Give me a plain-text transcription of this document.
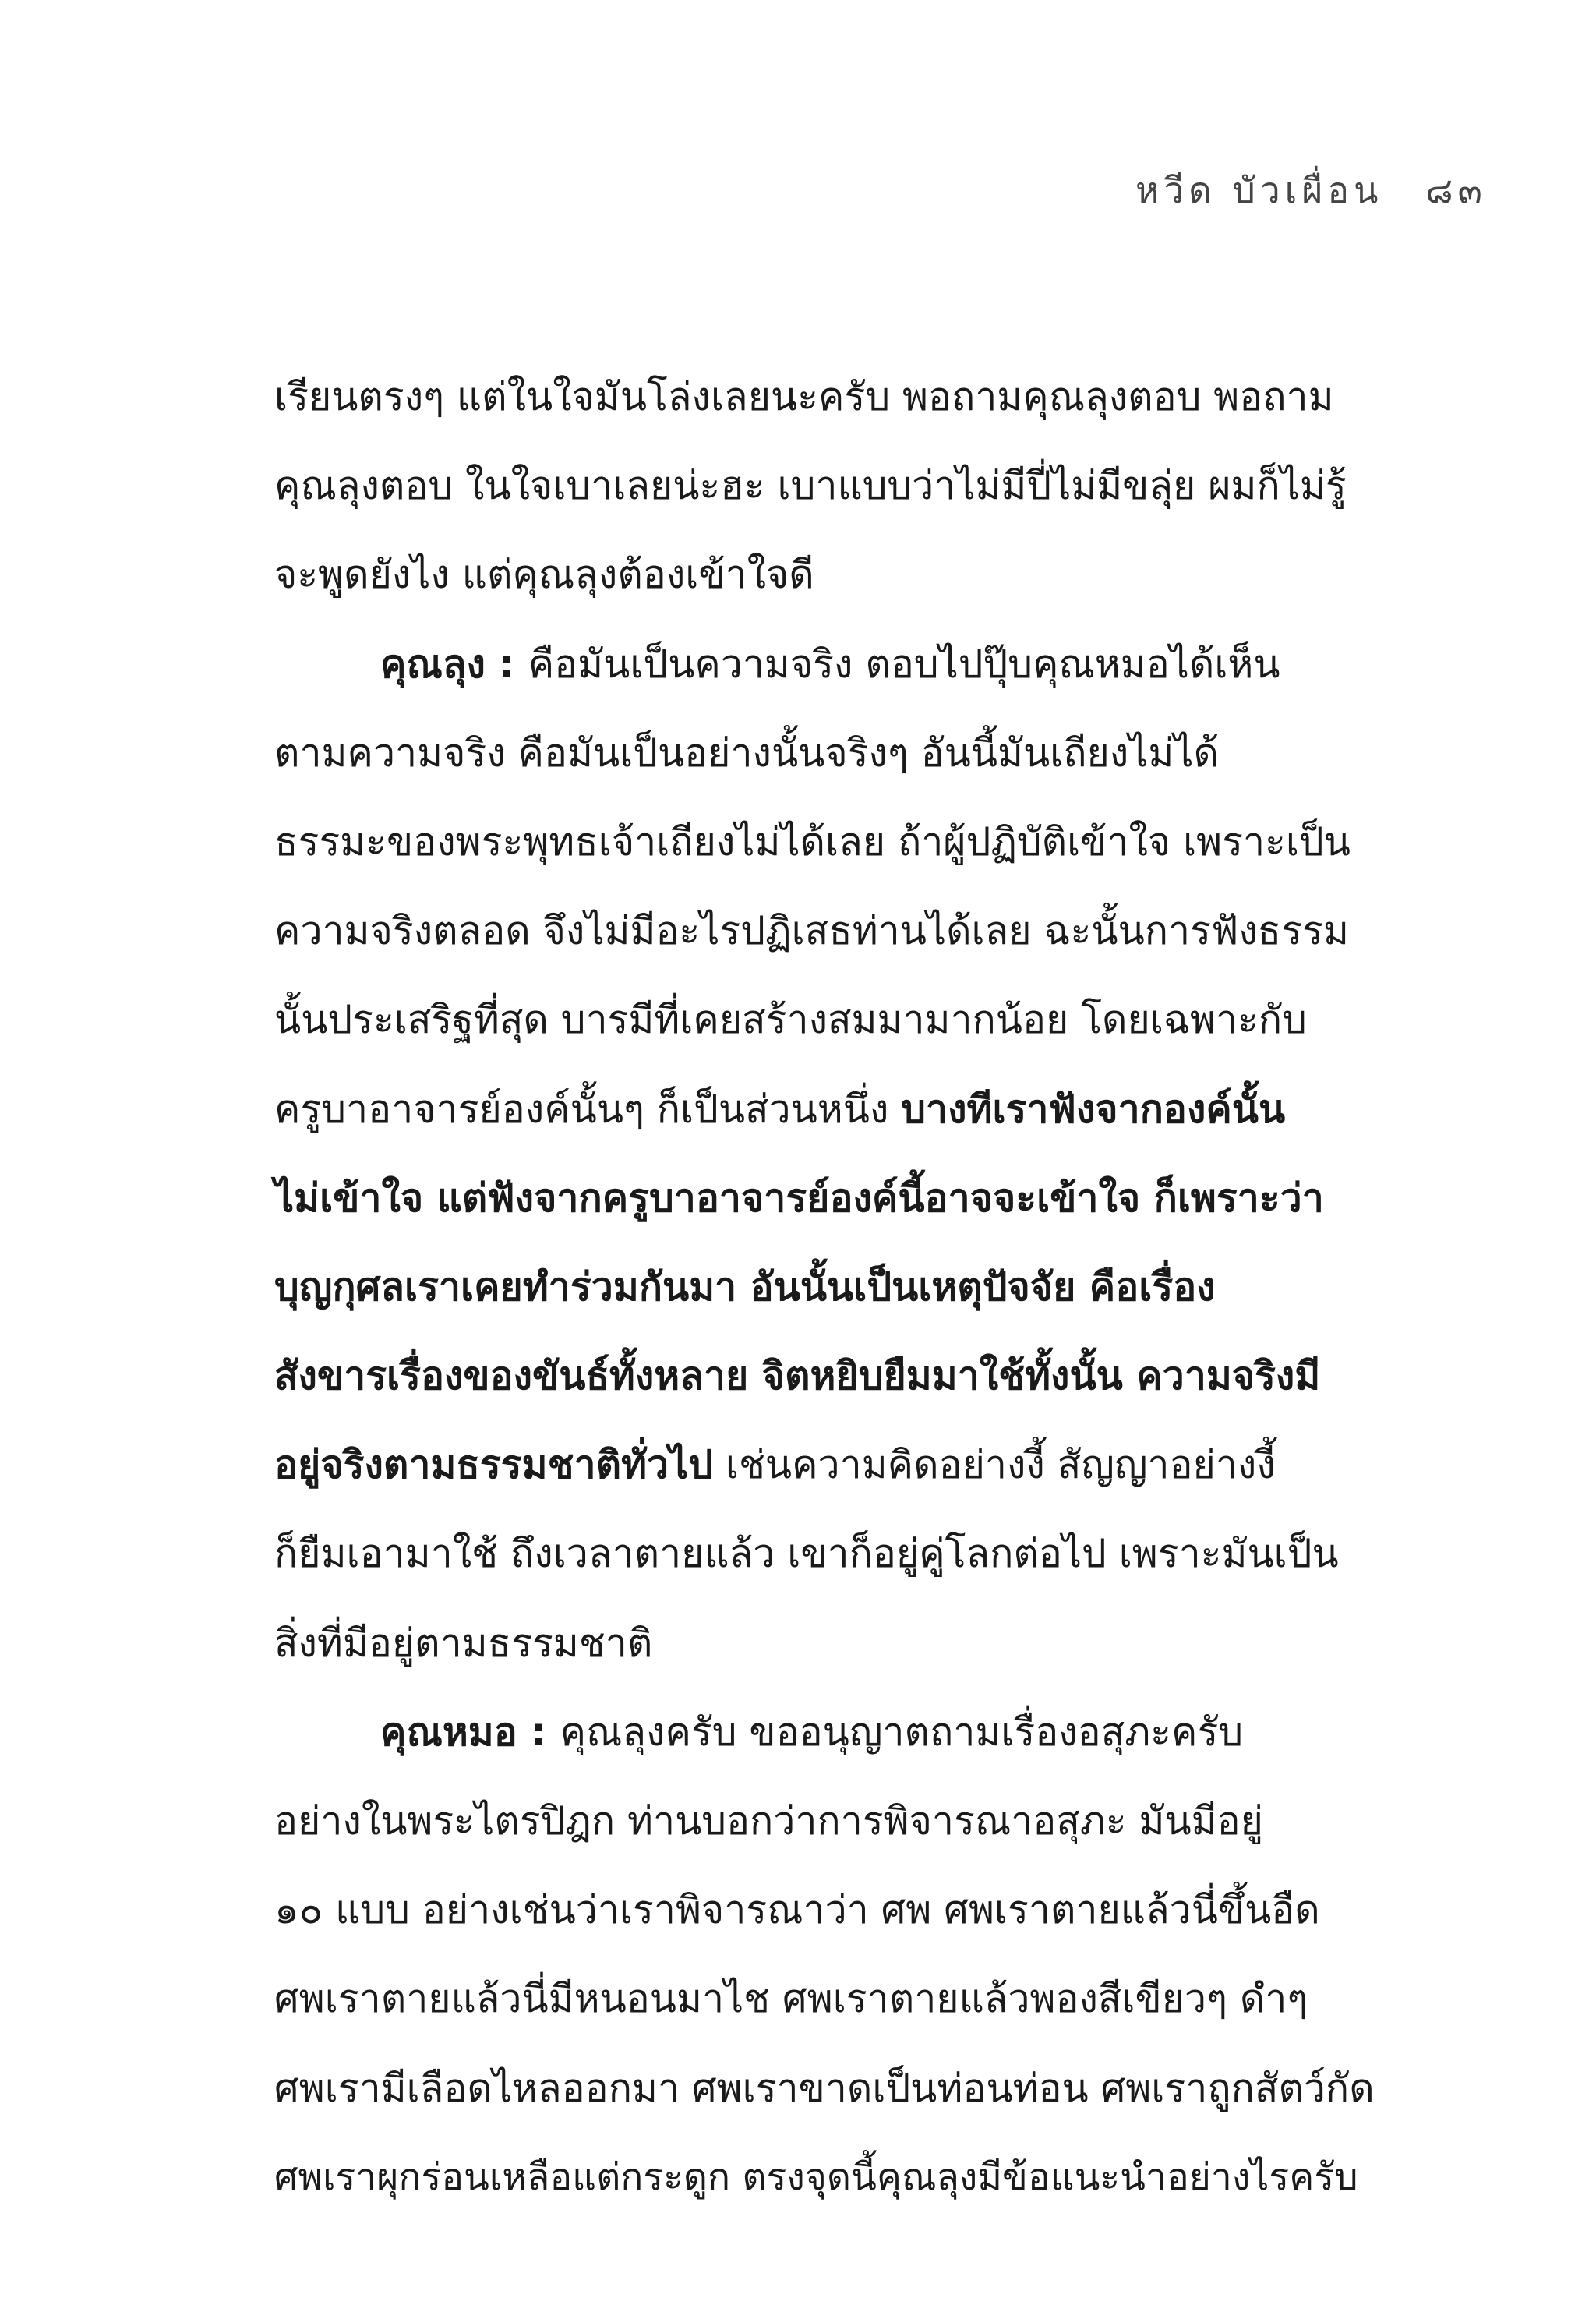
หวีด บัวเผื่อน ๘๓
เรียนตรงๆ แต่ในใจมันโล่งเลยนะครับ พอถามคุณลุงตอบ พอถาม
คุณลุงตอบ ในใจเบาเลยน่ะฮะ เบาแบบว่าไม่มีปี่ไม่มีขลุ่ย ผมก็ไม่รู้
จะพูดยังไง แต่คุณลุงต้องเข้าใจดี
คุณลุง : คือมันเป็นความจริง ตอบไปปุ๊บคุณหมอได้เห็น
ตามความจริง คือมันเป็นอย่างนั้นจริงๆ อันนี้มันเถียงไม่ได้
ธรรมะของพระพุทธเจ้าเถียงไม่ได้เลย ถ้าผู้ปฏิบัติเข้าใจ เพราะเป็น
ความจริงตลอด จึงไม่มีอะไรปฏิเสธท่านได้เลย ฉะนั้นการฟังธรรม
นั้นประเสริฐที่สุด บารมีที่เคยสร้างสมมามากน้อย โดยเฉพาะกับ
ครูบาอาจารย์องค์นั้นๆ ก็เป็นส่วนหนึ่ง บางทีเราฟังจากองค์นั้น
ไม่เข้าใจ แต่ฟังจากครูบาอาจารย์องค์นี้อาจจะเข้าใจ ก็เพราะว่า
บุญกุศลเราเคยทำร่วมกันมา อันนั้นเป็นเหตุปัจจัย คือเรื่อง
สังขารเรื่องของขันธ์ทั้งหลาย จิตหยิบยืมมาใช้ทั้งนั้น ความจริงมี
อยู่จริงตามธรรมชาติทั่วไป เช่นความคิดอย่างงี้ สัญญาอย่างงี้
ก็ยืมเอามาใช้ ถึงเวลาตายแล้ว เขาก็อยู่คู่โลกต่อไป เพราะมันเป็น
สิ่งที่มีอยู่ตามธรรมชาติ
คุณหมอ : คุณลุงครับ ขออนุญาตถามเรื่องอสุภะครับ
อย่างในพระไตรปิฎก ท่านบอกว่าการพิจารณาอสุภะ มันมีอยู่
๑๐ แบบ อย่างเช่นว่าเราพิจารณาว่า ศพ ศพเราตายแล้วนี่ขึ้นอืด
ศพเราตายแล้วนี่มีหนอนมาไช ศพเราตายแล้วพองสีเขียวๆ ดำๆ
ศพเรามีเลือดไหลออกมา ศพเราขาดเป็นท่อนท่อน ศพเราถูกสัตว์กัด
ศพเราผุกร่อนเหลือแต่กระดูก ตรงจุดนี้คุณลุงมีข้อแนะนำอย่างไรครับ
